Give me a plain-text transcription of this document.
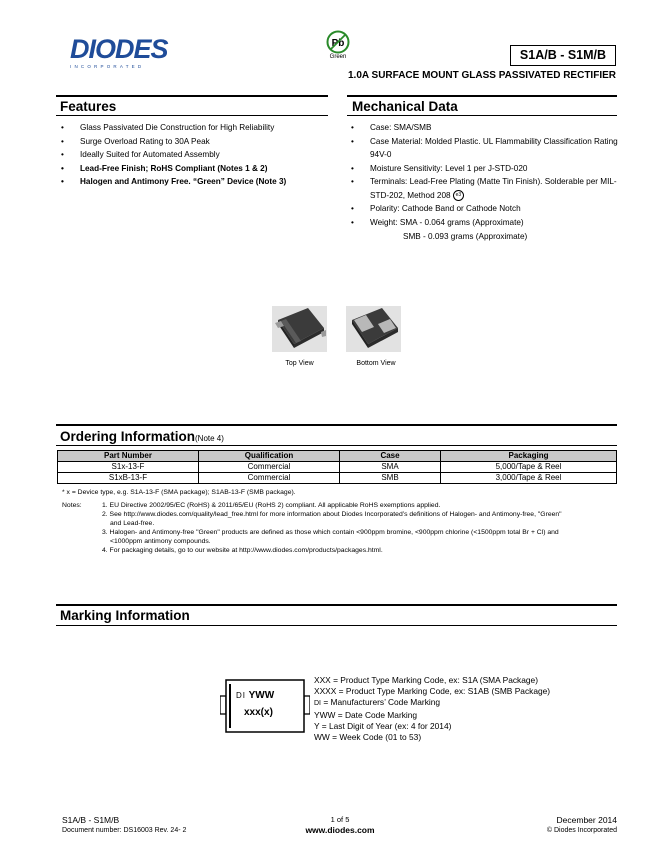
DIODES
INCORPORATED
Pb
Green	S1A/B - S1M/B
1.0A SURFACE MOUNT GLASS PASSIVATED RECTIFIER
Features
• Glass Passivated Die Construction for High Reliability
• Surge Overload Rating to 30A Peak
• Ideally Suited for Automated Assembly
• Lead-Free Finish; RoHS Compliant (Notes 1 & 2)
• Halogen and Antimony Free. “Green” Device (Note 3)
Mechanical Data
• Case: SMA/SMB
• Case Material: Molded Plastic. UL Flammability Classification Rating 94V-0
• Moisture Sensitivity: Level 1 per J-STD-020
• Terminals: Lead-Free Plating (Matte Tin Finish). Solderable per MIL-STD-202, Method 208 e3
• Polarity: Cathode Band or Cathode Notch
• Weight: SMA - 0.064 grams (Approximate)
SMB - 0.093 grams (Approximate)
Top View	Bottom View
Ordering Information(Note 4)
Part Number	Qualification	Case	Packaging
S1x-13-F	Commercial	SMA	5,000/Tape & Reel
S1xB-13-F	Commercial	SMB	3,000/Tape & Reel
* x = Device type, e.g. S1A-13-F (SMA package); S1AB-13-F (SMB package).
Notes:	1. EU Directive 2002/95/EC (RoHS) & 2011/65/EU (RoHS 2) compliant. All applicable RoHS exemptions applied.
2. See http://www.diodes.com/quality/lead_free.html for more information about Diodes Incorporated’s definitions of Halogen- and Antimony-free, "Green"
and Lead-free.
3. Halogen- and Antimony-free "Green" products are defined as those which contain <900ppm bromine, <900ppm chlorine (<1500ppm total Br + Cl) and
<1000ppm antimony compounds.
4. For packaging details, go to our website at http://www.diodes.com/products/packages.html.
Marking Information
DI YWW
xxx(x)
XXX = Product Type Marking Code, ex: S1A (SMA Package)
XXXX = Product Type Marking Code, ex: S1AB (SMB Package)
DI = Manufacturers’ Code Marking
YWW = Date Code Marking
Y = Last Digit of Year (ex: 4 for 2014)
WW = Week Code (01 to 53)
S1A/B - S1M/B
Document number: DS16003 Rev. 24- 2
1 of 5
www.diodes.com
December 2014
© Diodes Incorporated
